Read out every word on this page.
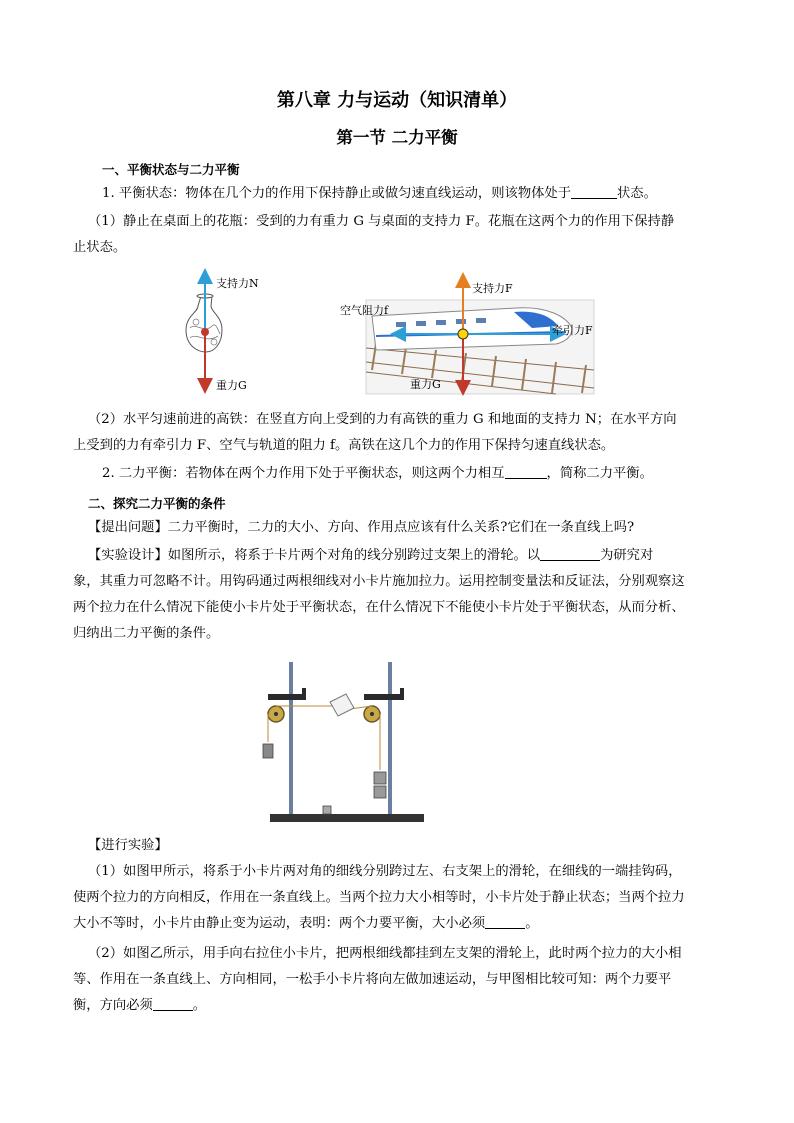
第八章 力与运动（知识清单）
第一节 二力平衡
一、平衡状态与二力平衡
1. 平衡状态：物体在几个力的作用下保持静止或做匀速直线运动，则该物体处于	状态。
（1）静止在桌面上的花瓶：受到的力有重力 G 与桌面的支持力 F。花瓶在这两个力的作用下保持静
止状态。
支持力N
重力G
支持力F
空气阻力f
牵引力F
重力G
（2）水平匀速前进的高铁：在竖直方向上受到的力有高铁的重力 G 和地面的支持力 N；在水平方向
上受到的力有牵引力 F、空气与轨道的阻力 f。高铁在这几个力的作用下保持匀速直线状态。
2. 二力平衡：若物体在两个力作用下处于平衡状态，则这两个力相互	，简称二力平衡。
二、探究二力平衡的条件
【提出问题】二力平衡时，二力的大小、方向、作用点应该有什么关系?它们在一条直线上吗?
【实验设计】如图所示，将系于卡片两个对角的线分别跨过支架上的滑轮。以	为研究对
象，其重力可忽略不计。用钩码通过两根细线对小卡片施加拉力。运用控制变量法和反证法，分别观察这
两个拉力在什么情况下能使小卡片处于平衡状态，在什么情况下不能使小卡片处于平衡状态，从而分析、
归纳出二力平衡的条件。
【进行实验】
（1）如图甲所示，将系于小卡片两对角的细线分别跨过左、右支架上的滑轮，在细线的一端挂钩码，
使两个拉力的方向相反，作用在一条直线上。当两个拉力大小相等时，小卡片处于静止状态；当两个拉力
大小不等时，小卡片由静止变为运动，表明：两个力要平衡，大小必须	。
（2）如图乙所示，用手向右拉住小卡片，把两根细线都挂到左支架的滑轮上，此时两个拉力的大小相
等、作用在一条直线上、方向相同，一松手小卡片将向左做加速运动，与甲图相比较可知：两个力要平
衡，方向必须	。
